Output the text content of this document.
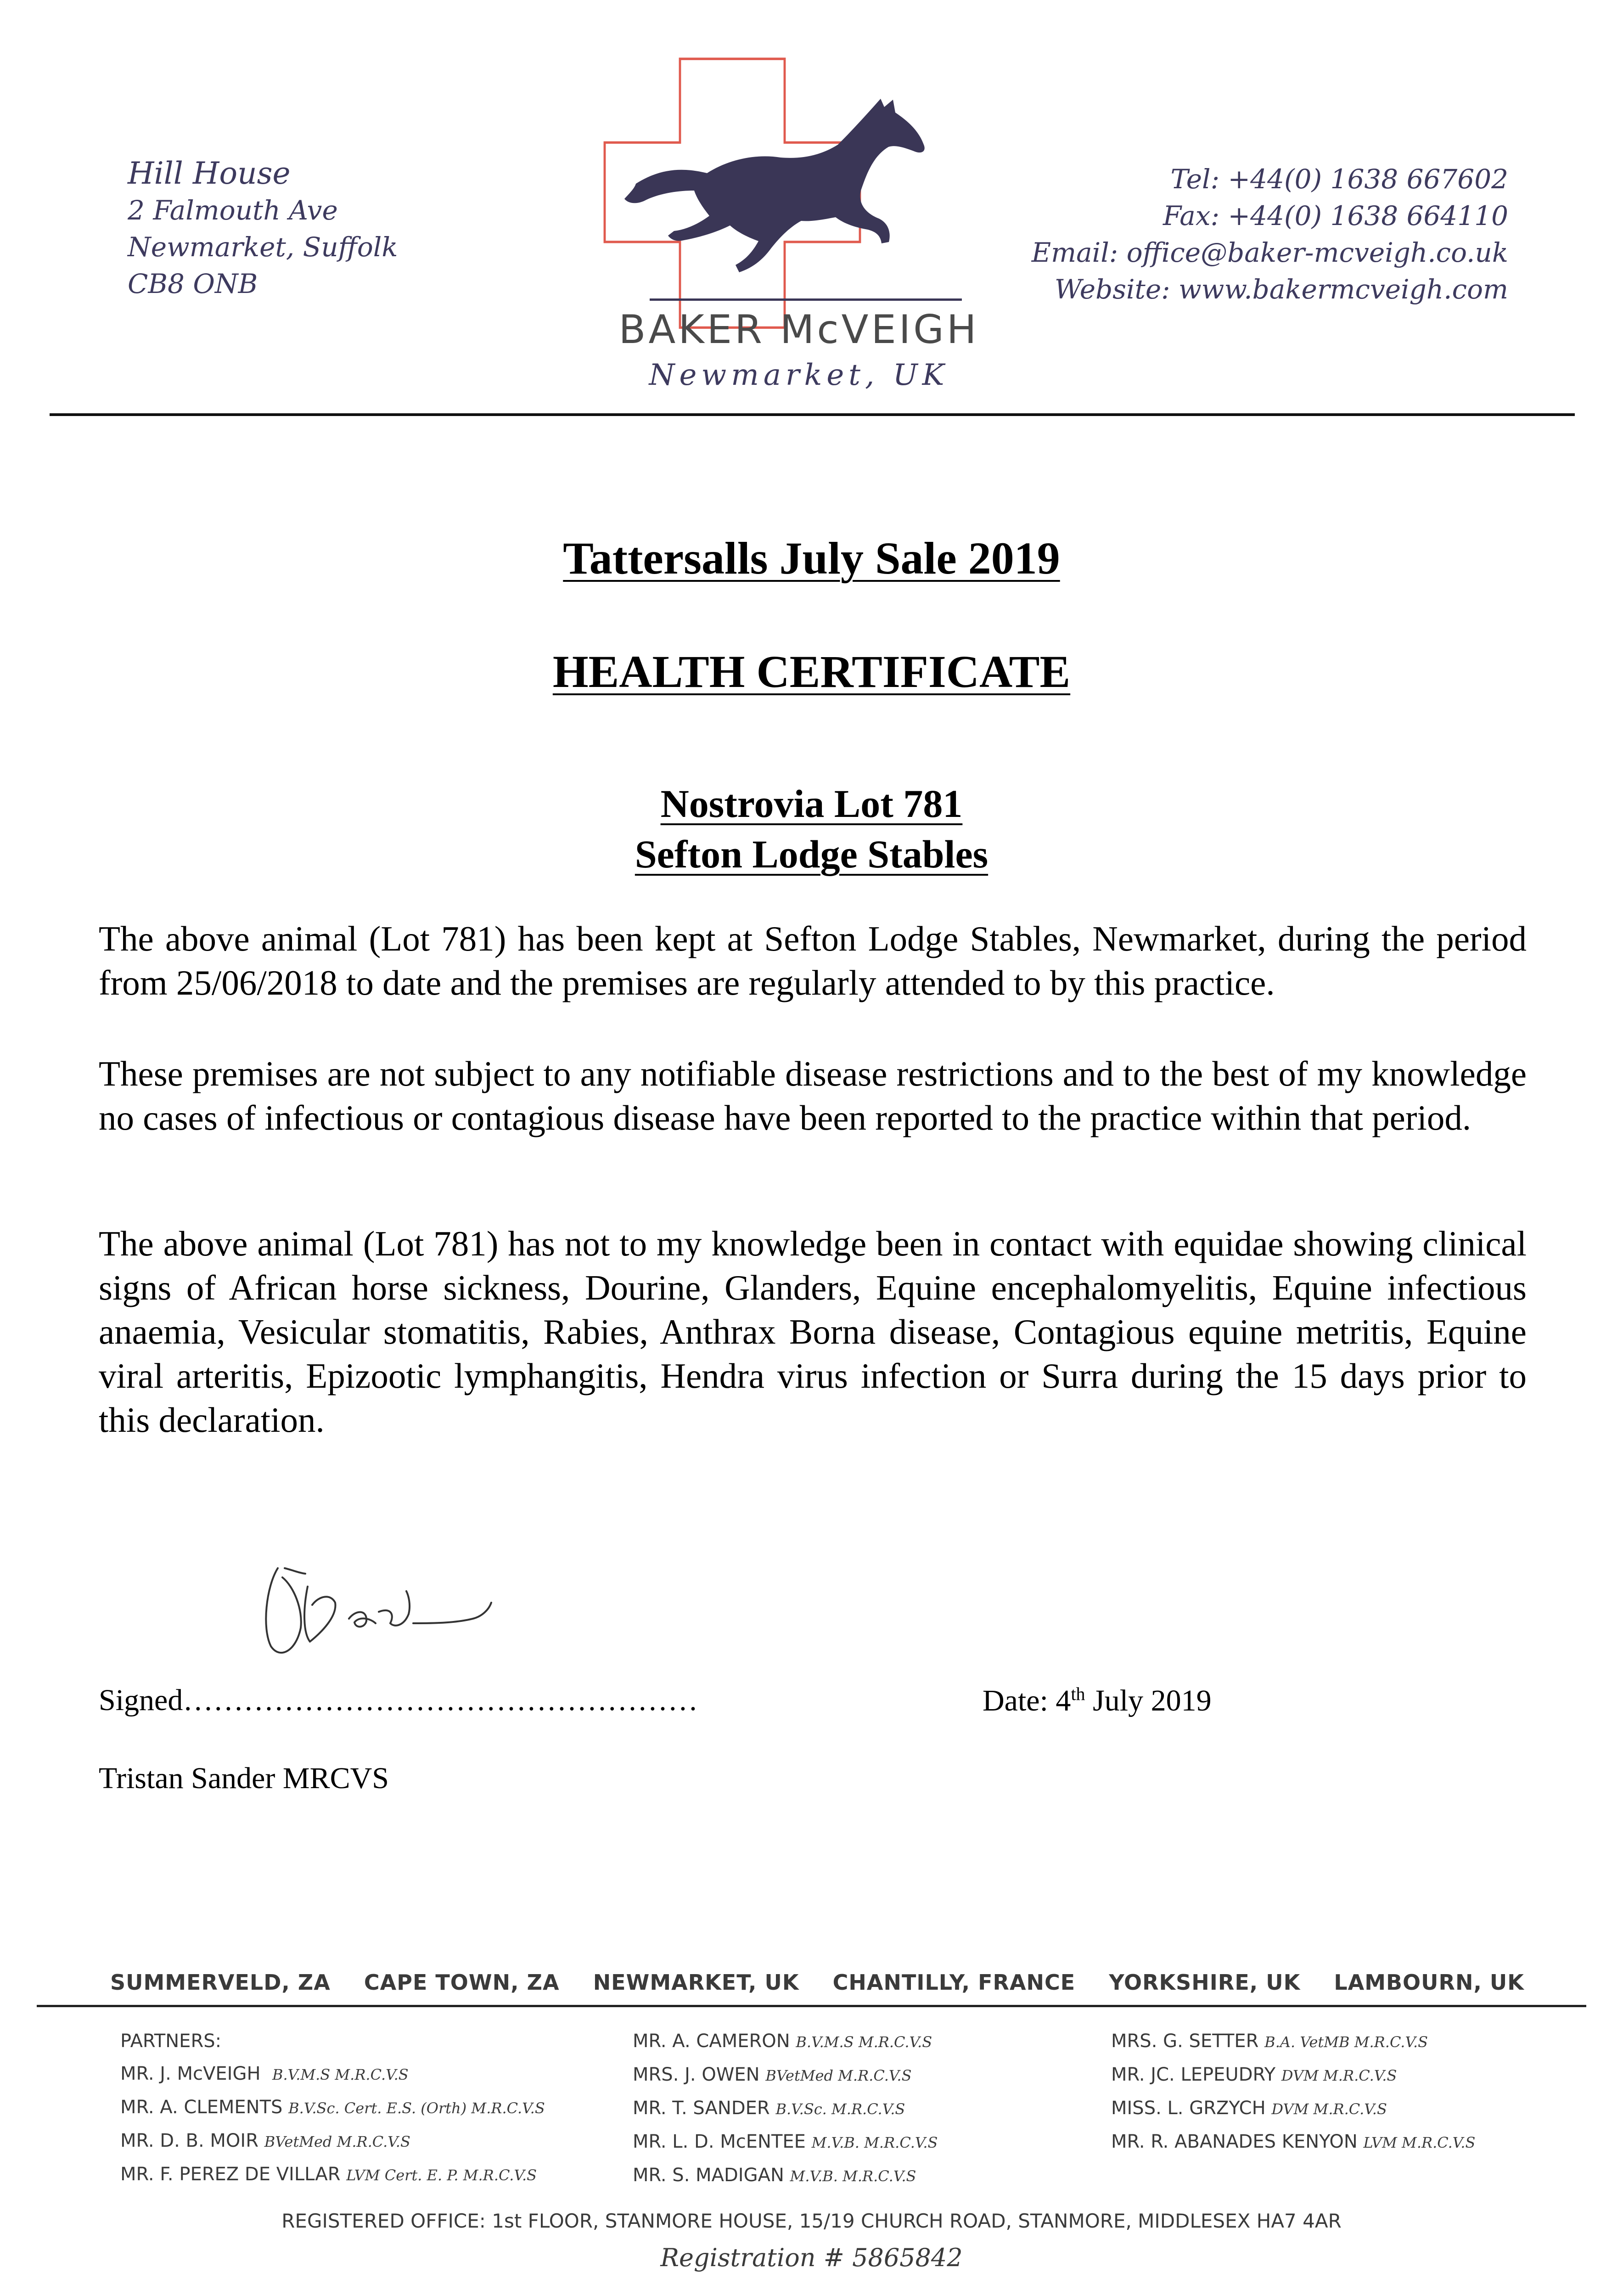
Hill House
2 Falmouth Ave
Newmarket, Suffolk
CB8 ONB
BAKER McVEIGH
Newmarket, UK
Tel: +44(0) 1638 667602
Fax: +44(0) 1638 664110
Email: office@baker-mcveigh.co.uk
Website: www.bakermcveigh.com
Tattersalls July Sale 2019
HEALTH CERTIFICATE
Nostrovia Lot 781
Sefton Lodge Stables
The above animal (Lot 781) has been kept at Sefton Lodge Stables, Newmarket, during the period from 25/06/2018 to date and the premises are regularly attended to by this practice.
These premises are not subject to any notifiable disease restrictions and to the best of my knowledge no cases of infectious or contagious disease have been reported to the practice within that period.
The above animal (Lot 781) has not to my knowledge been in contact with equidae showing clinical signs of African horse sickness, Dourine, Glanders, Equine encephalomyelitis, Equine infectious anaemia, Vesicular stomatitis, Rabies, Anthrax Borna disease, Contagious equine metritis, Equine viral arteritis, Epizootic lymphangitis, Hendra virus infection or Surra during the 15 days prior to this declaration.
Signed……………………………………………	Date: 4th July 2019
Tristan Sander MRCVS
SUMMERVELD, ZA CAPE TOWN, ZA NEWMARKET, UK CHANTILLY, FRANCE YORKSHIRE, UK LAMBOURN, UK
PARTNERS:
MR. J. McVEIGH B.V.M.S M.R.C.V.S
MR. A. CLEMENTS B.V.Sc. Cert. E.S. (Orth) M.R.C.V.S
MR. D. B. MOIR BVetMed M.R.C.V.S
MR. F. PEREZ DE VILLAR LVM Cert. E. P. M.R.C.V.S
MR. A. CAMERON B.V.M.S M.R.C.V.S
MRS. J. OWEN BVetMed M.R.C.V.S
MR. T. SANDER B.V.Sc. M.R.C.V.S
MR. L. D. McENTEE M.V.B. M.R.C.V.S
MR. S. MADIGAN M.V.B. M.R.C.V.S
MRS. G. SETTER B.A. VetMB M.R.C.V.S
MR. JC. LEPEUDRY DVM M.R.C.V.S
MISS. L. GRZYCH DVM M.R.C.V.S
MR. R. ABANADES KENYON LVM M.R.C.V.S
REGISTERED OFFICE: 1st FLOOR, STANMORE HOUSE, 15/19 CHURCH ROAD, STANMORE, MIDDLESEX HA7 4AR
Registration # 5865842
